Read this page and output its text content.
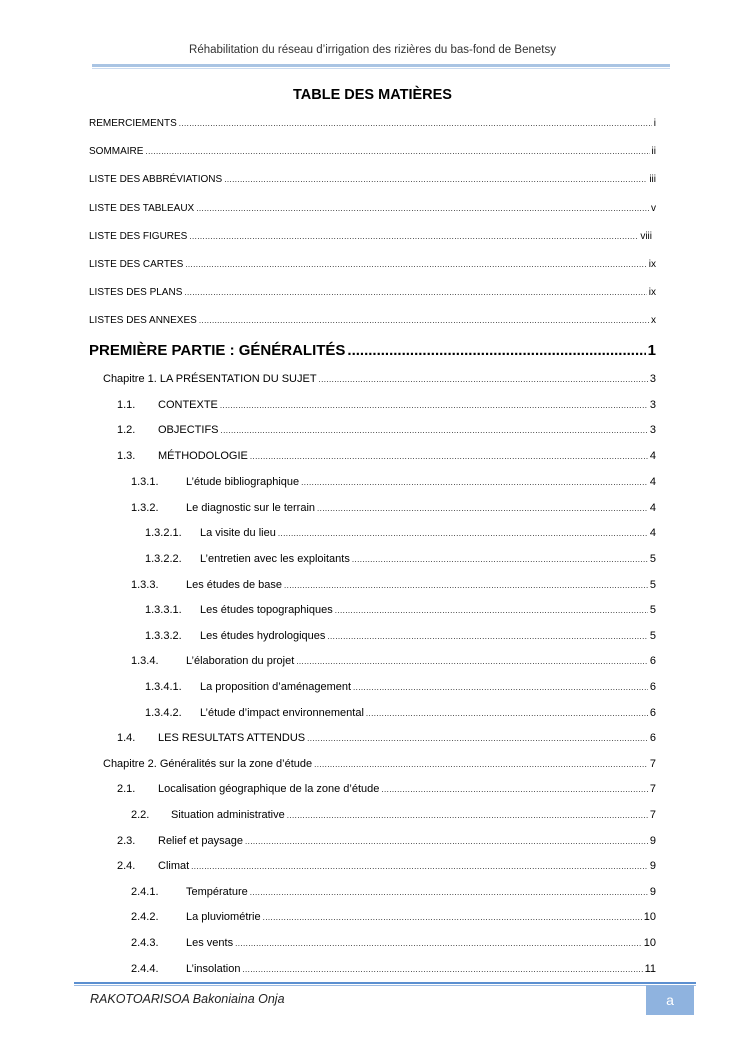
Réhabilitation du réseau d’irrigation des rizières du bas-fond de Benetsy
TABLE DES MATIÈRES
REMERCIEMENTS .....	i
SOMMAIRE .....	ii
LISTE DES ABBRÉVIATIONS .....	iii
LISTE DES TABLEAUX .....	v
LISTE DES FIGURES .....	viii
LISTE DES CARTES .....	ix
LISTES DES PLANS .....	ix
LISTES DES ANNEXES .....	x
PREMIÈRE PARTIE : GÉNÉRALITÉS .....	1
Chapitre 1. LA PRÉSENTATION DU SUJET .....	3
1.1.	CONTEXTE .....	3
1.2.	OBJECTIFS .....	3
1.3.	MÉTHODOLOGIE .....	4
1.3.1.	L’étude bibliographique .....	4
1.3.2.	Le diagnostic sur le terrain .....	4
1.3.2.1.	La visite du lieu .....	4
1.3.2.2.	L’entretien avec les exploitants .....	5
1.3.3.	Les études de base .....	5
1.3.3.1.	Les études topographiques .....	5
1.3.3.2.	Les études hydrologiques .....	5
1.3.4.	L’élaboration du projet .....	6
1.3.4.1.	La proposition d’aménagement .....	6
1.3.4.2.	L’étude d’impact environnemental .....	6
1.4.	LES RESULTATS ATTENDUS .....	6
Chapitre 2. Généralités sur la zone d’étude .....	7
2.1.	Localisation géographique de la zone d’étude .....	7
2.2.	Situation administrative .....	7
2.3.	Relief et paysage .....	9
2.4.	Climat .....	9
2.4.1.	Température .....	9
2.4.2.	La pluviométrie .....	10
2.4.3.	Les vents .....	10
2.4.4.	L’insolation .....	11
RAKOTOARISOA Bakoniaina Onja	a
